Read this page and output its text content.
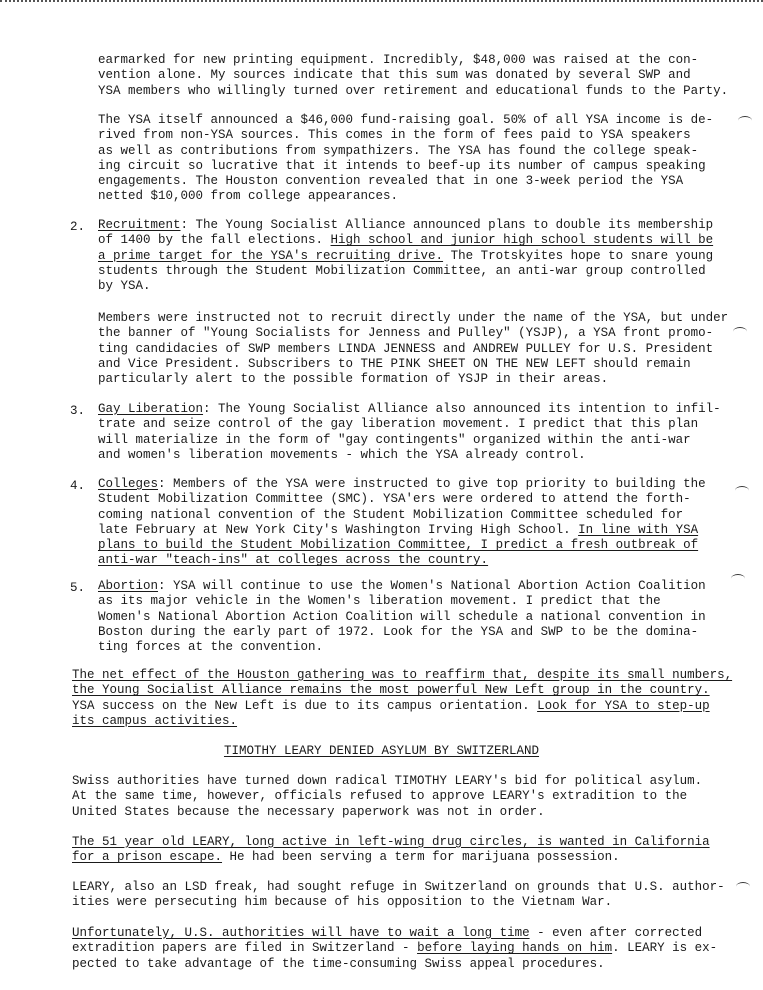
earmarked for new printing equipment. Incredibly, $48,000 was raised at the con-
vention alone. My sources indicate that this sum was donated by several SWP and
YSA members who willingly turned over retirement and educational funds to the Party.
The YSA itself announced a $46,000 fund-raising goal. 50% of all YSA income is de-
rived from non-YSA sources. This comes in the form of fees paid to YSA speakers
as well as contributions from sympathizers. The YSA has found the college speak-
ing circuit so lucrative that it intends to beef-up its number of campus speaking
engagements. The Houston convention revealed that in one 3-week period the YSA
netted $10,000 from college appearances.
2. Recruitment: The Young Socialist Alliance announced plans to double its membership
of 1400 by the fall elections. High school and junior high school students will be
a prime target for the YSA's recruiting drive. The Trotskyites hope to snare young
students through the Student Mobilization Committee, an anti-war group controlled
by YSA.
Members were instructed not to recruit directly under the name of the YSA, but under
the banner of "Young Socialists for Jenness and Pulley" (YSJP), a YSA front promo-
ting candidacies of SWP members LINDA JENNESS and ANDREW PULLEY for U.S. President
and Vice President. Subscribers to THE PINK SHEET ON THE NEW LEFT should remain
particularly alert to the possible formation of YSJP in their areas.
3. Gay Liberation: The Young Socialist Alliance also announced its intention to infil-
trate and seize control of the gay liberation movement. I predict that this plan
will materialize in the form of "gay contingents" organized within the anti-war
and women's liberation movements - which the YSA already control.
4. Colleges: Members of the YSA were instructed to give top priority to building the
Student Mobilization Committee (SMC). YSA'ers were ordered to attend the forth-
coming national convention of the Student Mobilization Committee scheduled for
late February at New York City's Washington Irving High School. In line with YSA
plans to build the Student Mobilization Committee, I predict a fresh outbreak of
anti-war "teach-ins" at colleges across the country.
5. Abortion: YSA will continue to use the Women's National Abortion Action Coalition
as its major vehicle in the Women's liberation movement. I predict that the
Women's National Abortion Action Coalition will schedule a national convention in
Boston during the early part of 1972. Look for the YSA and SWP to be the domina-
ting forces at the convention.
The net effect of the Houston gathering was to reaffirm that, despite its small numbers,
the Young Socialist Alliance remains the most powerful New Left group in the country.
YSA success on the New Left is due to its campus orientation. Look for YSA to step-up
its campus activities.
TIMOTHY LEARY DENIED ASYLUM BY SWITZERLAND
Swiss authorities have turned down radical TIMOTHY LEARY's bid for political asylum.
At the same time, however, officials refused to approve LEARY's extradition to the
United States because the necessary paperwork was not in order.
The 51 year old LEARY, long active in left-wing drug circles, is wanted in California
for a prison escape. He had been serving a term for marijuana possession.
LEARY, also an LSD freak, had sought refuge in Switzerland on grounds that U.S. author-
ities were persecuting him because of his opposition to the Vietnam War.
Unfortunately, U.S. authorities will have to wait a long time - even after corrected
extradition papers are filed in Switzerland - before laying hands on him. LEARY is ex-
pected to take advantage of the time-consuming Swiss appeal procedures.
